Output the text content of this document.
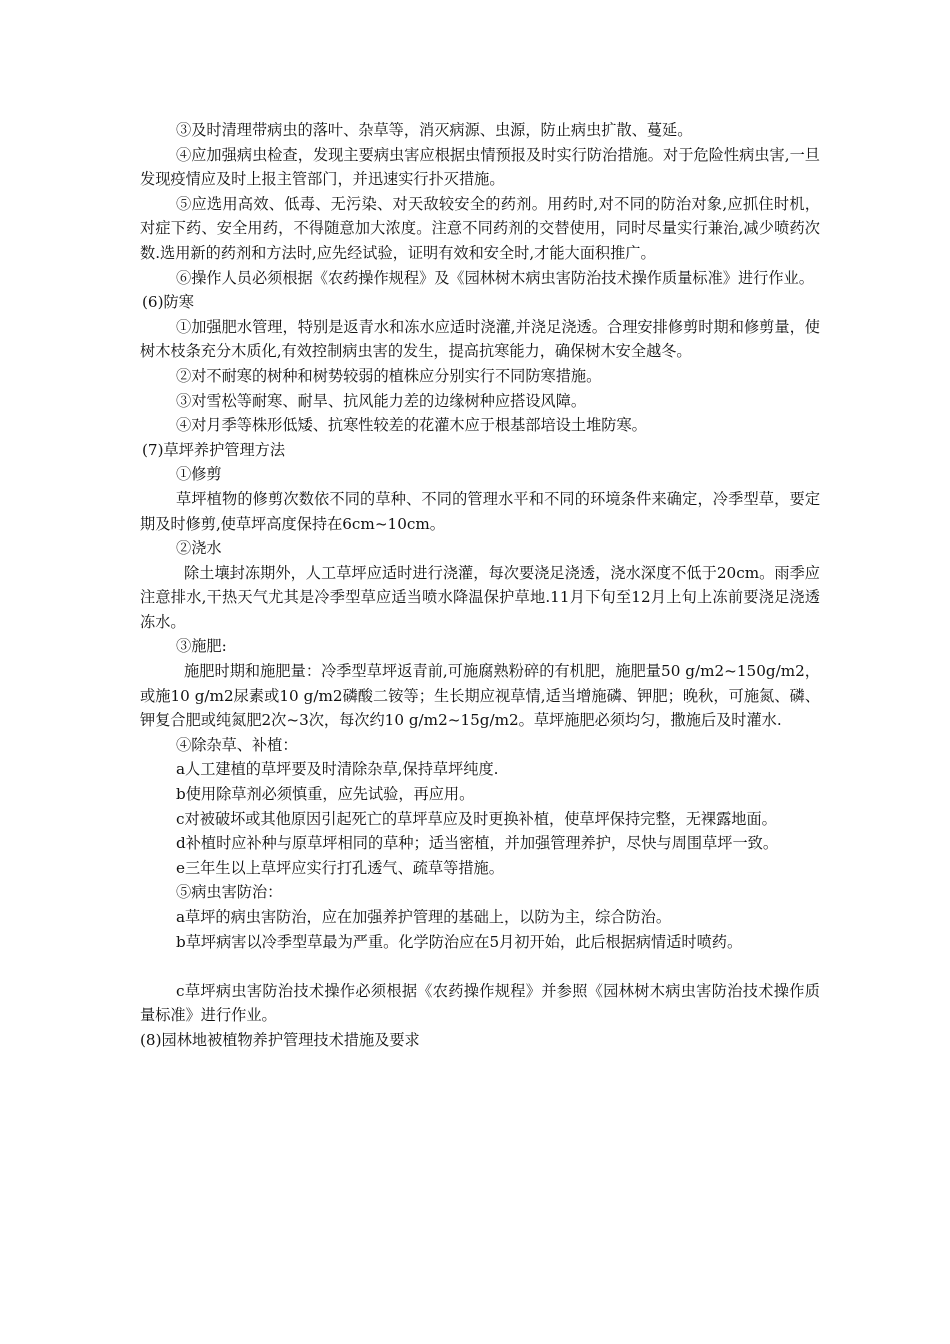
③及时清理带病虫的落叶、杂草等，消灭病源、虫源，防止病虫扩散、蔓延。

④应加强病虫检查，发现主要病虫害应根据虫情预报及时实行防治措施。对于危险性病虫害,一旦发现疫情应及时上报主管部门，并迅速实行扑灭措施。

⑤应选用高效、低毒、无污染、对天敌较安全的药剂。用药时,对不同的防治对象,应抓住时机，对症下药、安全用药，不得随意加大浓度。注意不同药剂的交替使用，同时尽量实行兼治,减少喷药次数.选用新的药剂和方法时,应先经试验，证明有效和安全时,才能大面积推广。

⑥操作人员必须根据《农药操作规程》及《园林树木病虫害防治技术操作质量标准》进行作业。

(6)防寒

①加强肥水管理，特别是返青水和冻水应适时浇灌,并浇足浇透。合理安排修剪时期和修剪量，使树木枝条充分木质化,有效控制病虫害的发生，提高抗寒能力，确保树木安全越冬。

②对不耐寒的树种和树势较弱的植株应分别实行不同防寒措施。

③对雪松等耐寒、耐旱、抗风能力差的边缘树种应搭设风障。

④对月季等株形低矮、抗寒性较差的花灌木应于根基部培设土堆防寒。

(7)草坪养护管理方法

①修剪

草坪植物的修剪次数依不同的草种、不同的管理水平和不同的环境条件来确定，冷季型草，要定期及时修剪,使草坪高度保持在6cm~10cm。

②浇水

除土壤封冻期外，人工草坪应适时进行浇灌，每次要浇足浇透，浇水深度不低于20cm。雨季应注意排水,干热天气尤其是冷季型草应适当喷水降温保护草地.11月下旬至12月上旬上冻前要浇足浇透冻水。

③施肥:

施肥时期和施肥量：冷季型草坪返青前,可施腐熟粉碎的有机肥，施肥量50 g/m2~150g/m2，或施10 g/m2尿素或10 g/m2磷酸二铵等；生长期应视草情,适当增施磷、钾肥；晚秋，可施氮、磷、钾复合肥或纯氮肥2次~3次，每次约10 g/m2~15g/m2。草坪施肥必须均匀，撒施后及时灌水.

④除杂草、补植：

a人工建植的草坪要及时清除杂草,保持草坪纯度.

b使用除草剂必须慎重，应先试验，再应用。

c对被破坏或其他原因引起死亡的草坪草应及时更换补植，使草坪保持完整，无裸露地面。

d补植时应补种与原草坪相同的草种；适当密植，并加强管理养护，尽快与周围草坪一致。

e三年生以上草坪应实行打孔透气、疏草等措施。

⑤病虫害防治：

a草坪的病虫害防治，应在加强养护管理的基础上，以防为主，综合防治。

b草坪病害以冷季型草最为严重。化学防治应在5月初开始，此后根据病情适时喷药。

c草坪病虫害防治技术操作必须根据《农药操作规程》并参照《园林树木病虫害防治技术操作质量标准》进行作业。

(8)园林地被植物养护管理技术措施及要求
